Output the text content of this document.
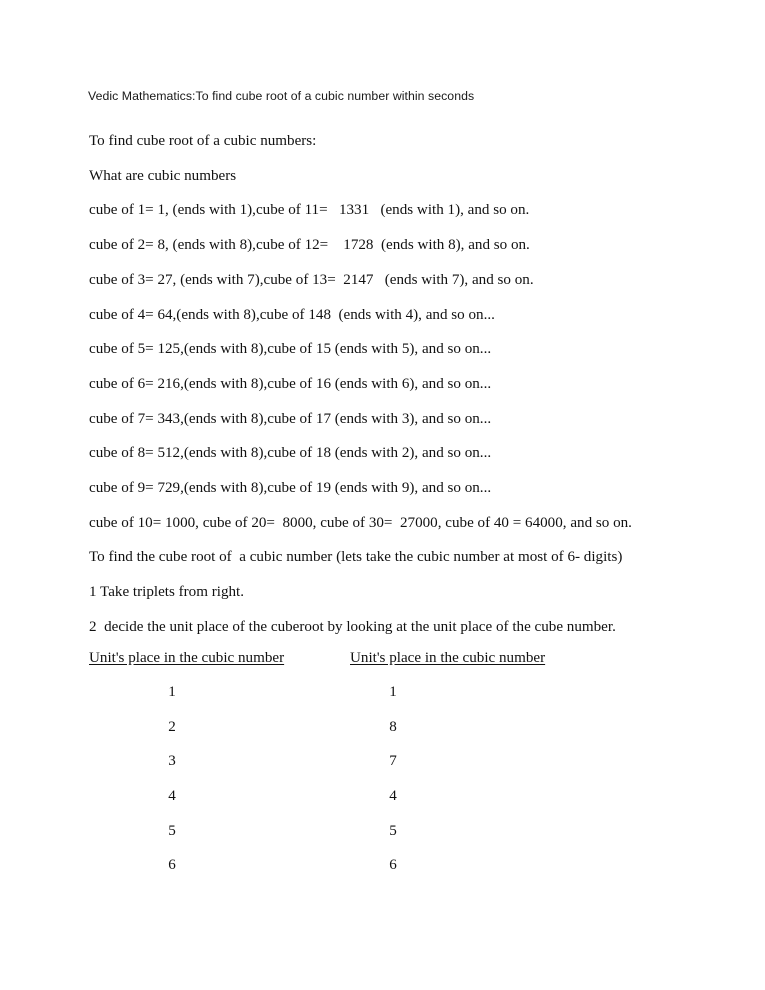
Vedic Mathematics:To find cube root of a cubic number within seconds

To find cube root of a cubic numbers:

What are cubic numbers

cube of 1= 1, (ends with 1),cube of 11=   1331   (ends with 1), and so on.

cube of 2= 8, (ends with 8),cube of 12=    1728  (ends with 8), and so on.

cube of 3= 27, (ends with 7),cube of 13=  2147   (ends with 7), and so on.

cube of 4= 64,(ends with 8),cube of 148  (ends with 4), and so on...

cube of 5= 125,(ends with 8),cube of 15 (ends with 5), and so on...

cube of 6= 216,(ends with 8),cube of 16 (ends with 6), and so on...

cube of 7= 343,(ends with 8),cube of 17 (ends with 3), and so on...

cube of 8= 512,(ends with 8),cube of 18 (ends with 2), and so on...

cube of 9= 729,(ends with 8),cube of 19 (ends with 9), and so on...

cube of 10= 1000, cube of 20=  8000, cube of 30=  27000, cube of 40 = 64000, and so on.

To find the cube root of  a cubic number (lets take the cubic number at most of 6- digits)

1 Take triplets from right.

2  decide the unit place of the cuberoot by looking at the unit place of the cube number.

Unit's place in the cubic number	Unit's place in the cubic number
1	1
2	8
3	7
4	4
5	5
6	6
